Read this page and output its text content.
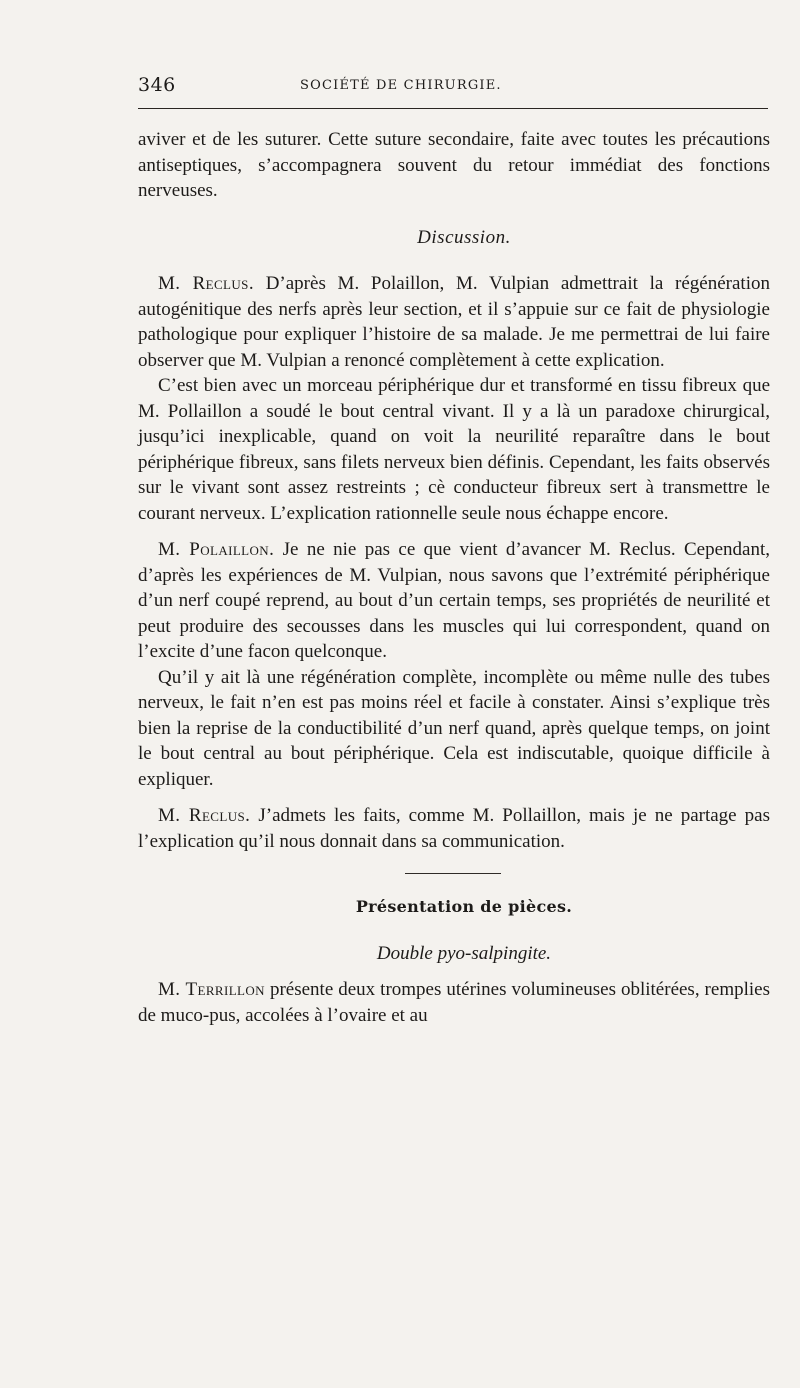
346	SOCIÉTÉ DE CHIRURGIE.

aviver et de les suturer. Cette suture secondaire, faite avec toutes les précautions antiseptiques, s’accompagnera souvent du retour immédiat des fonctions nerveuses.

Discussion.

M. Reclus. D’après M. Polaillon, M. Vulpian admettrait la régénération autogénitique des nerfs après leur section, et il s’appuie sur ce fait de physiologie pathologique pour expliquer l’histoire de sa malade. Je me permettrai de lui faire observer que M. Vulpian a renoncé complètement à cette explication.

C’est bien avec un morceau périphérique dur et transformé en tissu fibreux que M. Pollaillon a soudé le bout central vivant. Il y a là un paradoxe chirurgical, jusqu’ici inexplicable, quand on voit la neurilité reparaître dans le bout périphérique fibreux, sans filets nerveux bien définis. Cependant, les faits observés sur le vivant sont assez restreints ; cè conducteur fibreux sert à transmettre le courant nerveux. L’explication rationnelle seule nous échappe encore.

M. Polaillon. Je ne nie pas ce que vient d’avancer M. Reclus. Cependant, d’après les expériences de M. Vulpian, nous savons que l’extrémité périphérique d’un nerf coupé reprend, au bout d’un certain temps, ses propriétés de neurilité et peut produire des secousses dans les muscles qui lui correspondent, quand on l’excite d’une facon quelconque.

Qu’il y ait là une régénération complète, incomplète ou même nulle des tubes nerveux, le fait n’en est pas moins réel et facile à constater. Ainsi s’explique très bien la reprise de la conductibilité d’un nerf quand, après quelque temps, on joint le bout central au bout périphérique. Cela est indiscutable, quoique difficile à expliquer.

M. Reclus. J’admets les faits, comme M. Pollaillon, mais je ne partage pas l’explication qu’il nous donnait dans sa communication.

Présentation de pièces.

Double pyo-salpingite.

M. Terrillon présente deux trompes utérines volumineuses oblitérées, remplies de muco-pus, accolées à l’ovaire et au
